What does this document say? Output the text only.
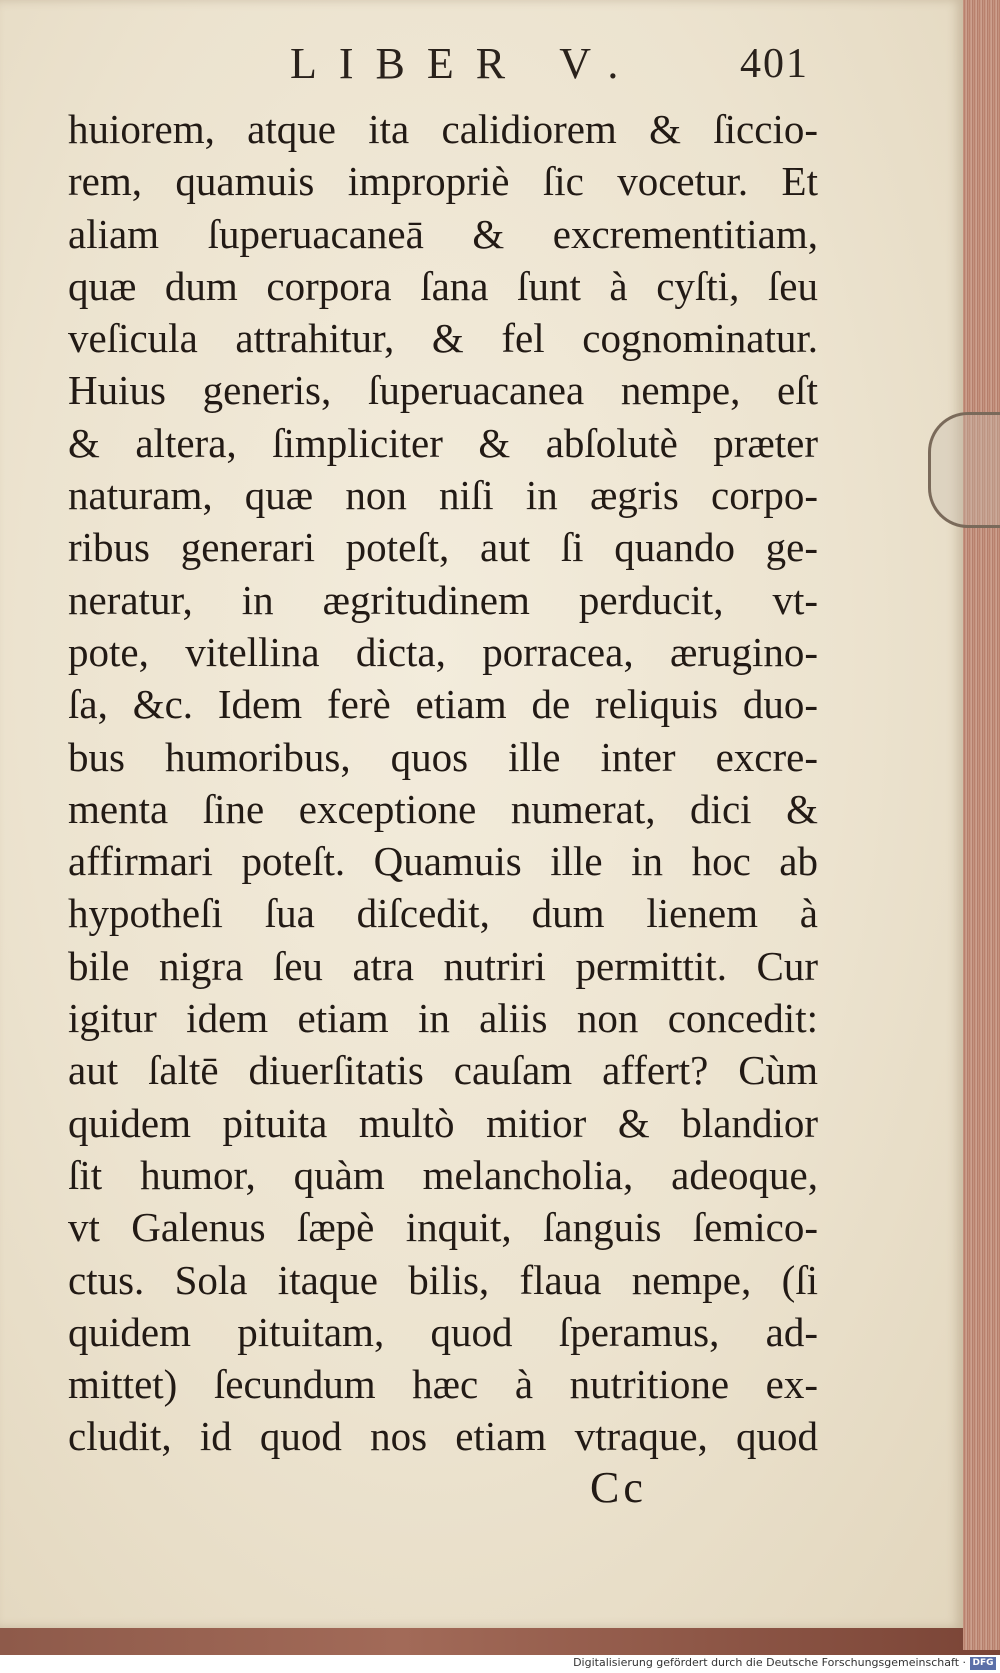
LIBER V. 401
huiorem, atque ita calidiorem & ſiccio-
rem, quamuis impropriè ſic vocetur. Et
aliam ſuperuacaneā & excrementitiam,
quæ dum corpora ſana ſunt à cyſti, ſeu
veſicula attrahitur, & fel cognominatur.
Huius generis, ſuperuacanea nempe, eſt
& altera, ſimpliciter & abſolutè præter
naturam, quæ non niſi in ægris corpo-
ribus generari poteſt, aut ſi quando ge-
neratur, in ægritudinem perducit, vt-
pote, vitellina dicta, porracea, ærugino-
ſa, &c. Idem ferè etiam de reliquis duo-
bus humoribus, quos ille inter excre-
menta ſine exceptione numerat, dici &
affirmari poteſt. Quamuis ille in hoc ab
hypotheſi ſua diſcedit, dum lienem à
bile nigra ſeu atra nutriri permittit. Cur
igitur idem etiam in aliis non concedit:
aut ſaltē diuerſitatis cauſam affert? Cùm
quidem pituita multò mitior & blandior
ſit humor, quàm melancholia, adeoque,
vt Galenus ſæpè inquit, ſanguis ſemico-
ctus. Sola itaque bilis, flaua nempe, (ſi
quidem pituitam, quod ſperamus, ad-
mittet) ſecundum hæc à nutritione ex-
cludit, id quod nos etiam vtraque, quod
Cc
Digitalisierung gefördert durch die Deutsche Forschungsgemeinschaft · DFG
